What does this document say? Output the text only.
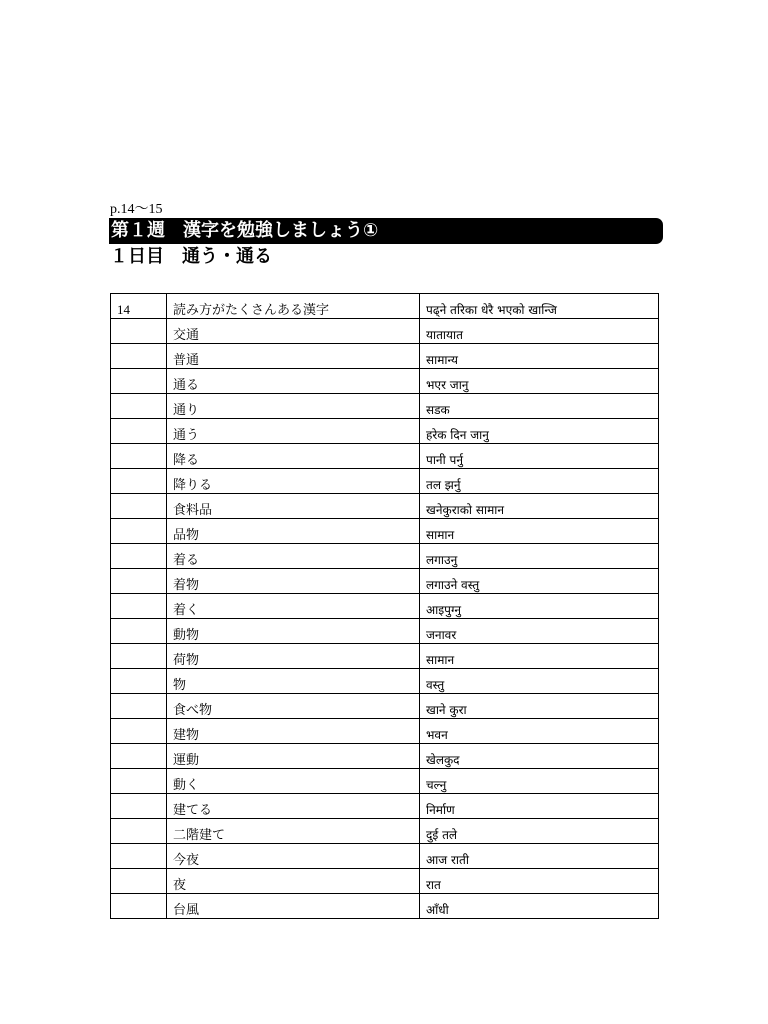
p.14～15
第１週　漢字を勉強しましょう①
１日目　通う・通る
14	読み方がたくさんある漢字	पढ्ने तरिका धेरै भएको खान्जि
	交通	यातायात
	普通	सामान्य
	通る	भएर जानु
	通り	सडक
	通う	हरेक दिन जानु
	降る	पानी पर्नु
	降りる	तल झर्नु
	食料品	खनेकुराको सामान
	品物	सामान
	着る	लगाउनु
	着物	लगाउने वस्तु
	着く	आइपुग्नु
	動物	जनावर
	荷物	सामान
	物	वस्तु
	食べ物	खाने कुरा
	建物	भवन
	運動	खेलकुद
	動く	चल्नु
	建てる	निर्माण
	二階建て	दुई तले
	今夜	आज राती
	夜	रात
	台風	आँधी
